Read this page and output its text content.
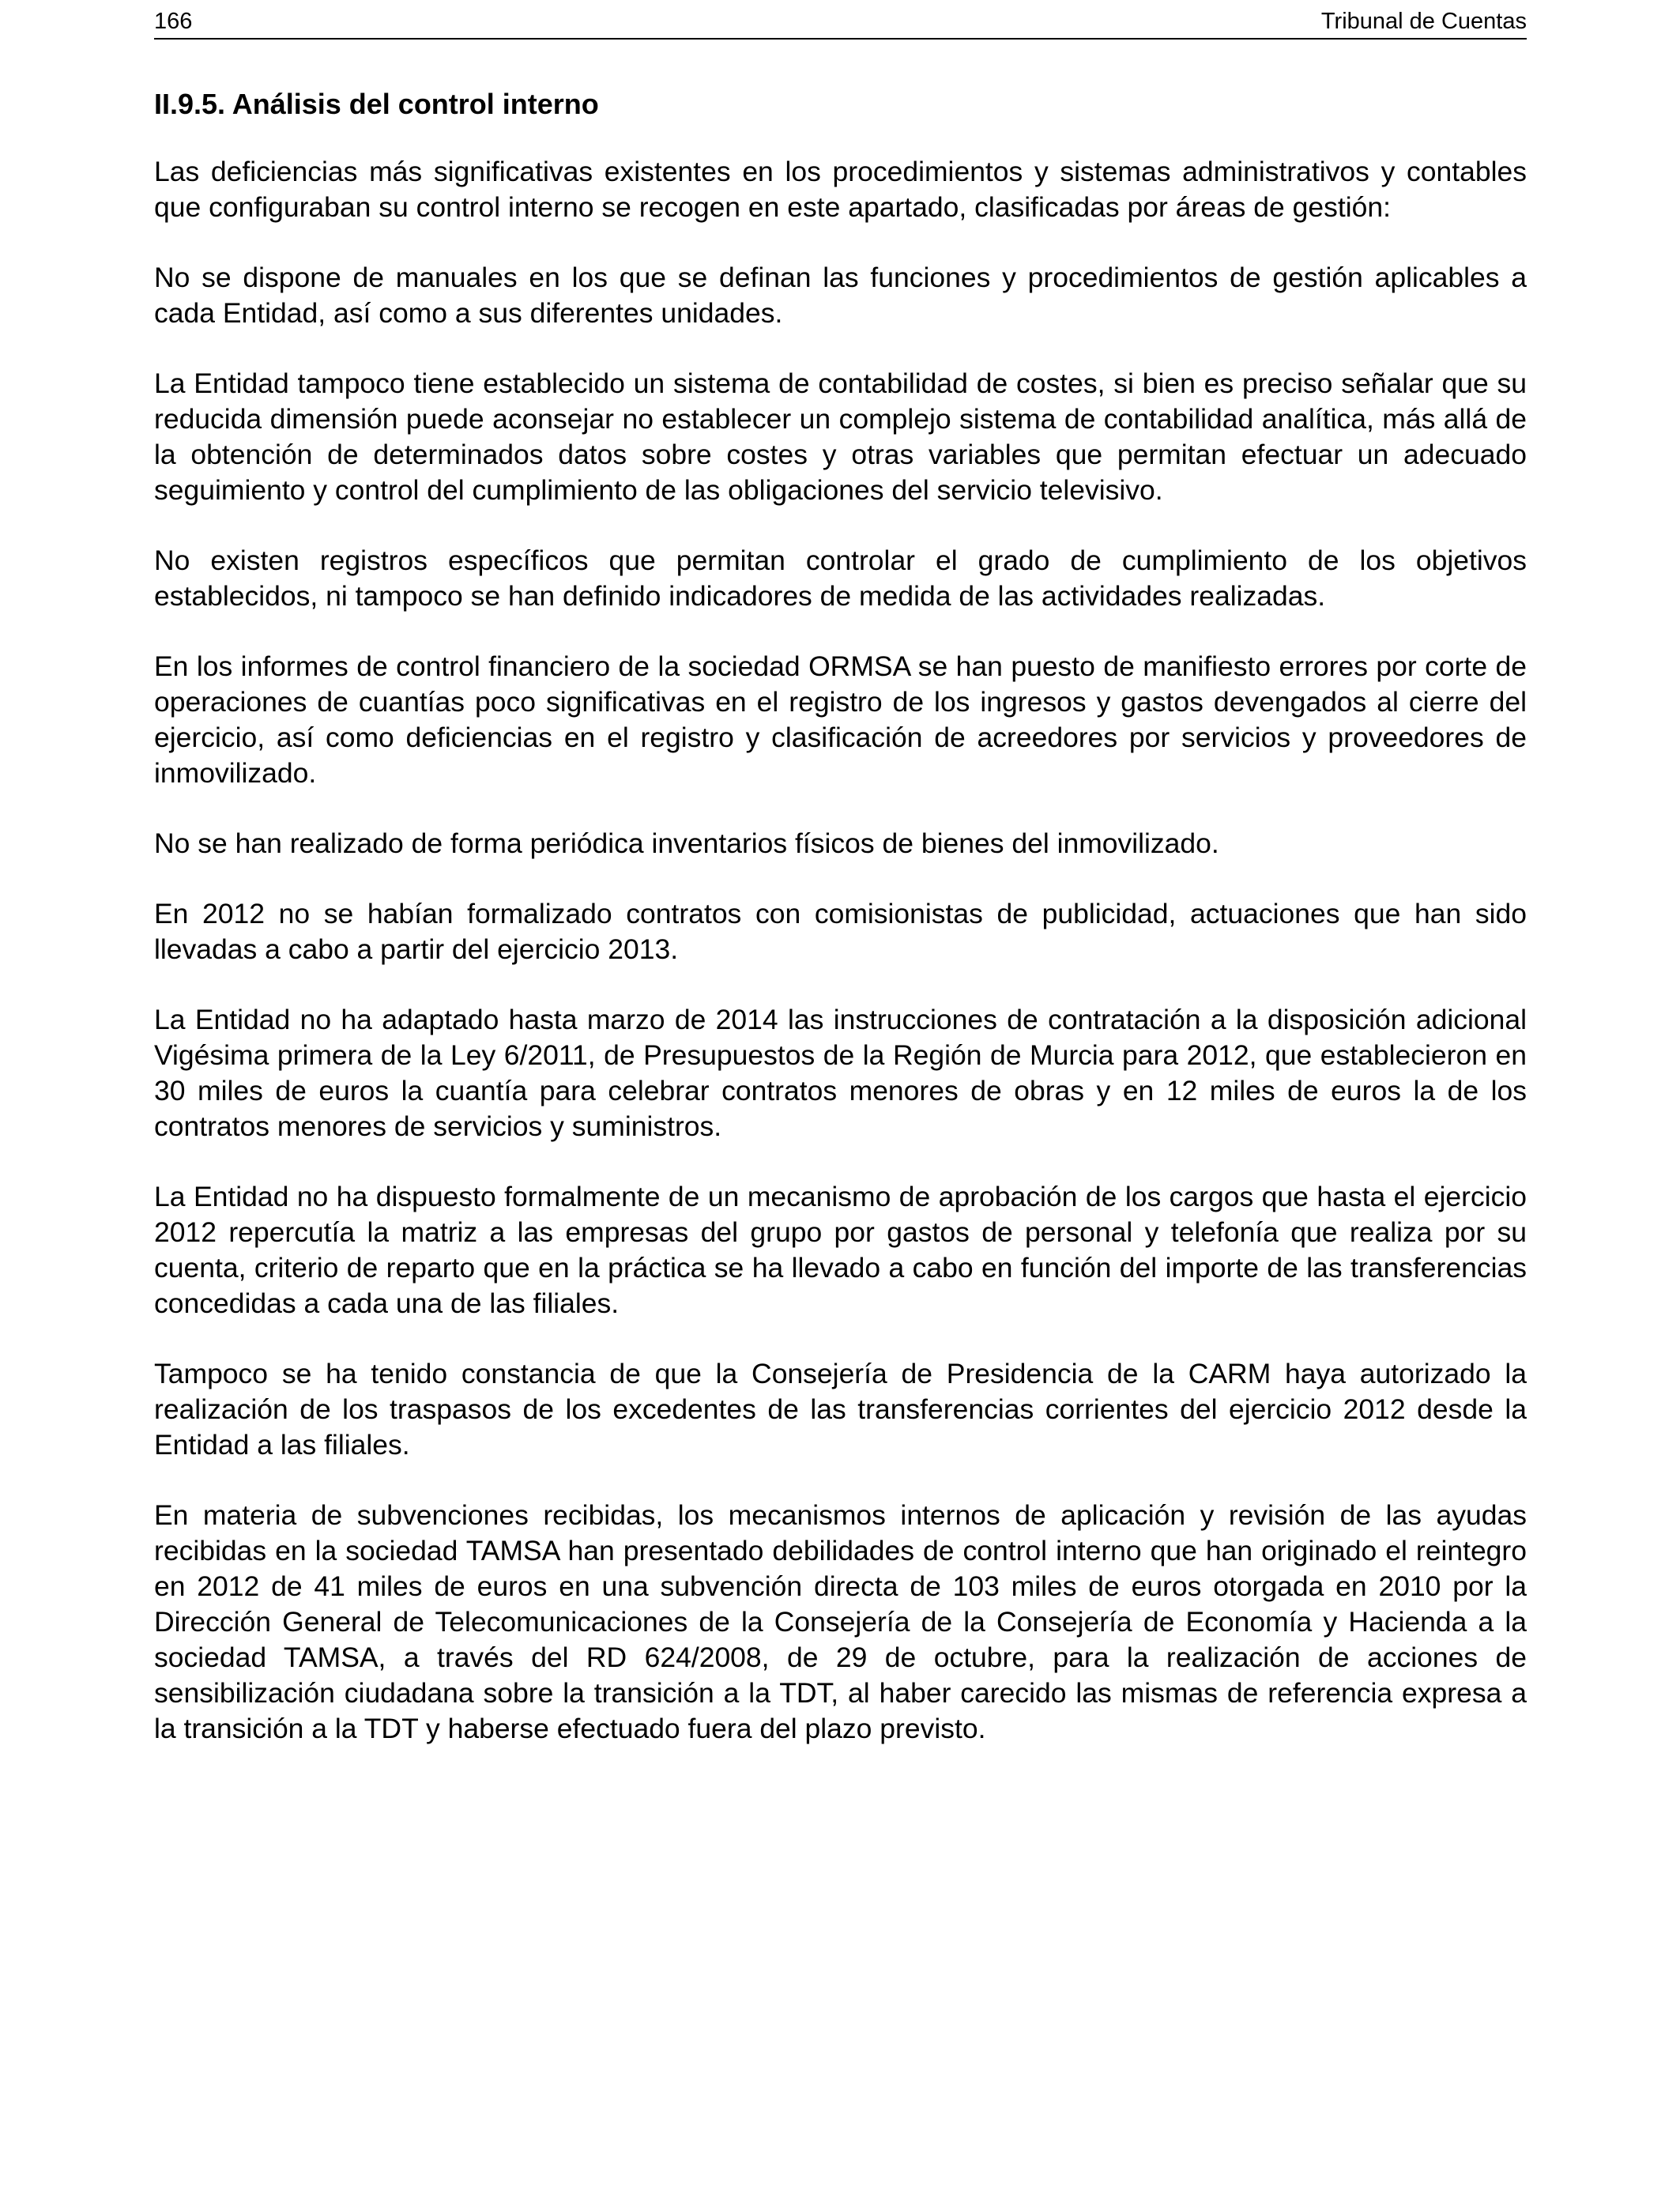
166	Tribunal de Cuentas
II.9.5. Análisis del control interno

Las deficiencias más significativas existentes en los procedimientos y sistemas administrativos y contables que configuraban su control interno se recogen en este apartado, clasificadas por áreas de gestión:

No se dispone de manuales en los que se definan las funciones y procedimientos de gestión aplicables a cada Entidad, así como a sus diferentes unidades.

La Entidad tampoco tiene establecido un sistema de contabilidad de costes, si bien es preciso señalar que su reducida dimensión puede aconsejar no establecer un complejo sistema de contabilidad analítica, más allá de la obtención de determinados datos sobre costes y otras variables que permitan efectuar un adecuado seguimiento y control del cumplimiento de las obligaciones del servicio televisivo.

No existen registros específicos que permitan controlar el grado de cumplimiento de los objetivos establecidos, ni tampoco se han definido indicadores de medida de las actividades realizadas.

En los informes de control financiero de la sociedad ORMSA se han puesto de manifiesto errores por corte de operaciones de cuantías poco significativas en el registro de los ingresos y gastos devengados al cierre del ejercicio, así como deficiencias en el registro y clasificación de acreedores por servicios y proveedores de inmovilizado.

No se han realizado de forma periódica inventarios físicos de bienes del inmovilizado.

En 2012 no se habían formalizado contratos con comisionistas de publicidad, actuaciones que han sido llevadas a cabo a partir del ejercicio 2013.

La Entidad no ha adaptado hasta marzo de 2014 las instrucciones de contratación a la disposición adicional Vigésima primera de la Ley 6/2011, de Presupuestos de la Región de Murcia para 2012, que establecieron en 30 miles de euros la cuantía para celebrar contratos menores de obras y en 12 miles de euros la de los contratos menores de servicios y suministros.

La Entidad no ha dispuesto formalmente de un mecanismo de aprobación de los cargos que hasta el ejercicio 2012 repercutía la matriz a las empresas del grupo por gastos de personal y telefonía que realiza por su cuenta, criterio de reparto que en la práctica se ha llevado a cabo en función del importe de las transferencias concedidas a cada una de las filiales.

Tampoco se ha tenido constancia de que la Consejería de Presidencia de la CARM haya autorizado la realización de los traspasos de los excedentes de las transferencias corrientes del ejercicio 2012 desde la Entidad a las filiales.

En materia de subvenciones recibidas, los mecanismos internos de aplicación y revisión de las ayudas recibidas en la sociedad TAMSA han presentado debilidades de control interno que han originado el reintegro en 2012 de 41 miles de euros en una subvención directa de 103 miles de euros otorgada en 2010 por la Dirección General de Telecomunicaciones de la Consejería de la Consejería de Economía y Hacienda a la sociedad TAMSA, a través del RD 624/2008, de 29 de octubre, para la realización de acciones de sensibilización ciudadana sobre la transición a la TDT, al haber carecido las mismas de referencia expresa a la transición a la TDT y haberse efectuado fuera del plazo previsto.
